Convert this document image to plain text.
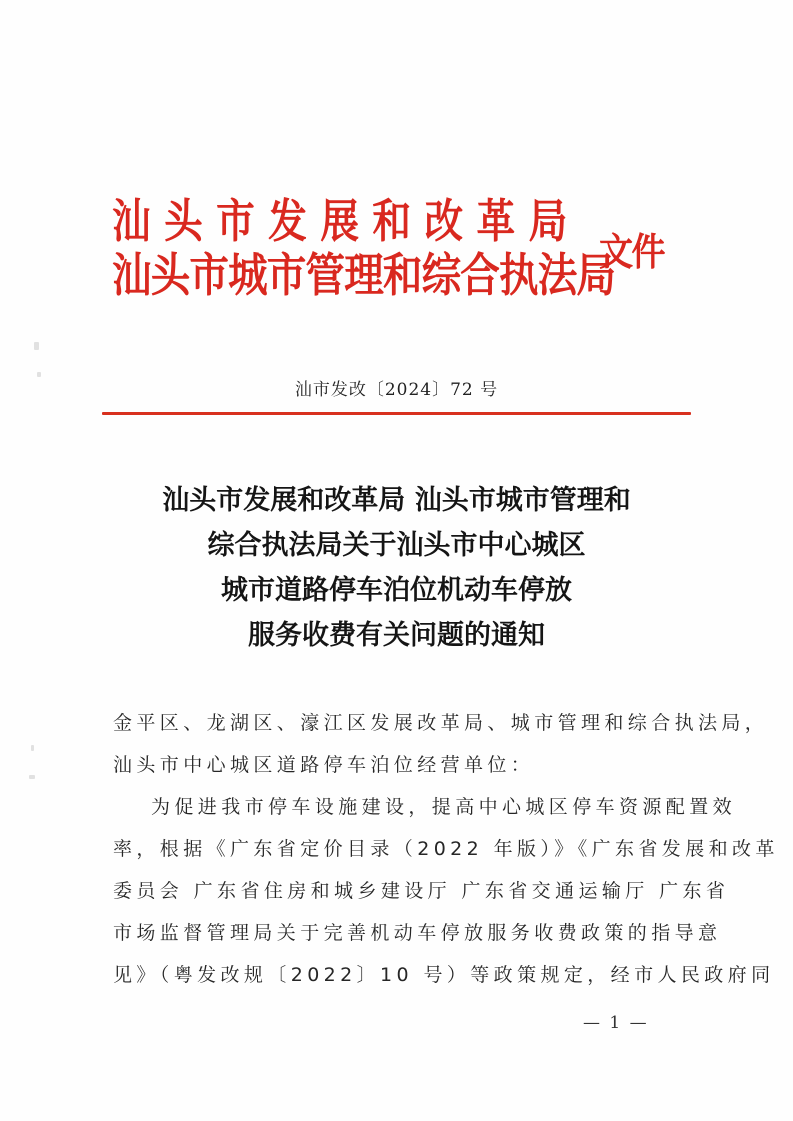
汕头市发展和改革局
汕头市城市管理和综合执法局
文件
汕市发改〔2024〕72 号
汕头市发展和改革局 汕头市城市管理和
综合执法局关于汕头市中心城区
城市道路停车泊位机动车停放
服务收费有关问题的通知
金平区、龙湖区、濠江区发展改革局、城市管理和综合执法局，
汕头市中心城区道路停车泊位经营单位：
为促进我市停车设施建设，提高中心城区停车资源配置效
率，根据《广东省定价目录（2022 年版）》《广东省发展和改革
委员会 广东省住房和城乡建设厅 广东省交通运输厅 广东省
市场监督管理局关于完善机动车停放服务收费政策的指导意
见》（粤发改规〔2022〕10 号）等政策规定，经市人民政府同
— 1 —
